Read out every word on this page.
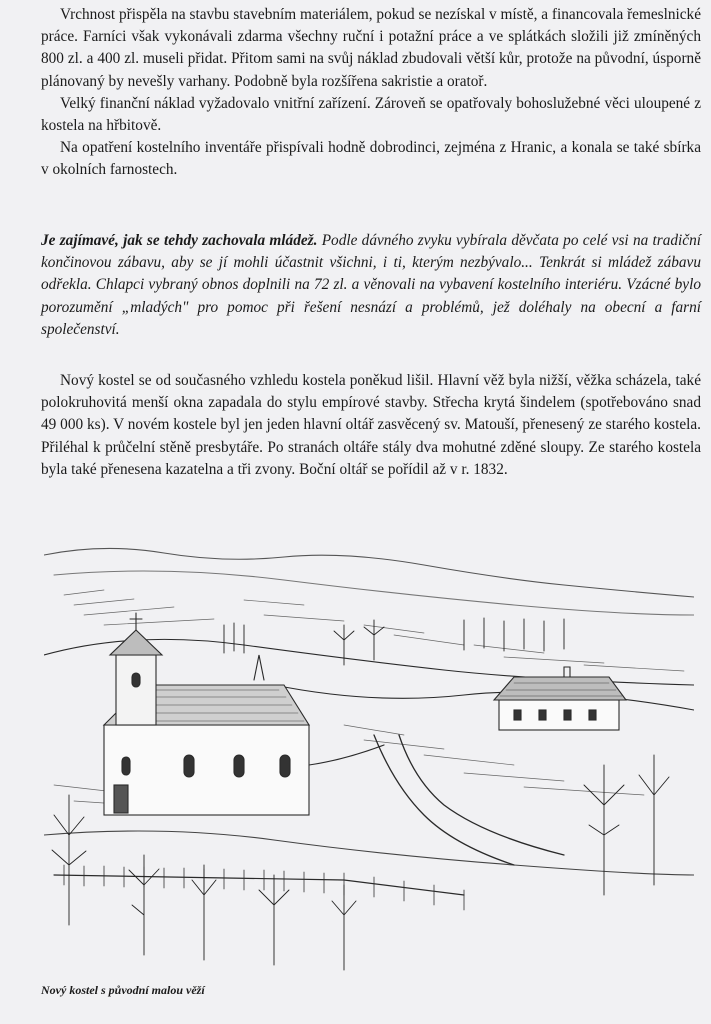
Vrchnost přispěla na stavbu stavebním materiálem, pokud se nezískal v místě, a financovala řemeslnické práce. Farníci však vykonávali zdarma všechny ruční i potažní práce a ve splátkách složili již zmíněných 800 zl. a 400 zl. museli přidat. Přitom sami na svůj náklad zbudovali větší kůr, protože na původní, úsporně plánovaný by nevešly varhany. Podobně byla rozšířena sakristie a oratoř.

Velký finanční náklad vyžadovalo vnitřní zařízení. Zároveň se opatřovaly bohoslužebné věci uloupené z kostela na hřbitově.

Na opatření kostelního inventáře přispívali hodně dobrodinci, zejména z Hranic, a konala se také sbírka v okolních farnostech.

Je zajímavé, jak se tehdy zachovala mládež. Podle dávného zvyku vybírala děvčata po celé vsi na tradiční končinovou zábavu, aby se jí mohli účastnit všichni, i ti, kterým nezbývalo... Tenkrát si mládež zábavu odřekla. Chlapci vybraný obnos doplnili na 72 zl. a věnovali na vybavení kostelního interiéru. Vzácné bylo porozumění „mladých" pro pomoc při řešení nesnází a problémů, jež doléhaly na obecní a farní společenství.

Nový kostel se od současného vzhledu kostela poněkud lišil. Hlavní věž byla nižší, věžka scházela, také polokruhovitá menší okna zapadala do stylu empírové stavby. Střecha krytá šindelem (spotřebováno snad 49 000 ks). V novém kostele byl jen jeden hlavní oltář zasvěcený sv. Matouší, přenesený ze starého kostela. Přiléhal k průčelní stěně presbytáře. Po stranách oltáře stály dva mohutné zděné sloupy. Ze starého kostela byla také přenesena kazatelna a tři zvony. Boční oltář se pořídil až v r. 1832.

Nový kostel s původní malou věží
